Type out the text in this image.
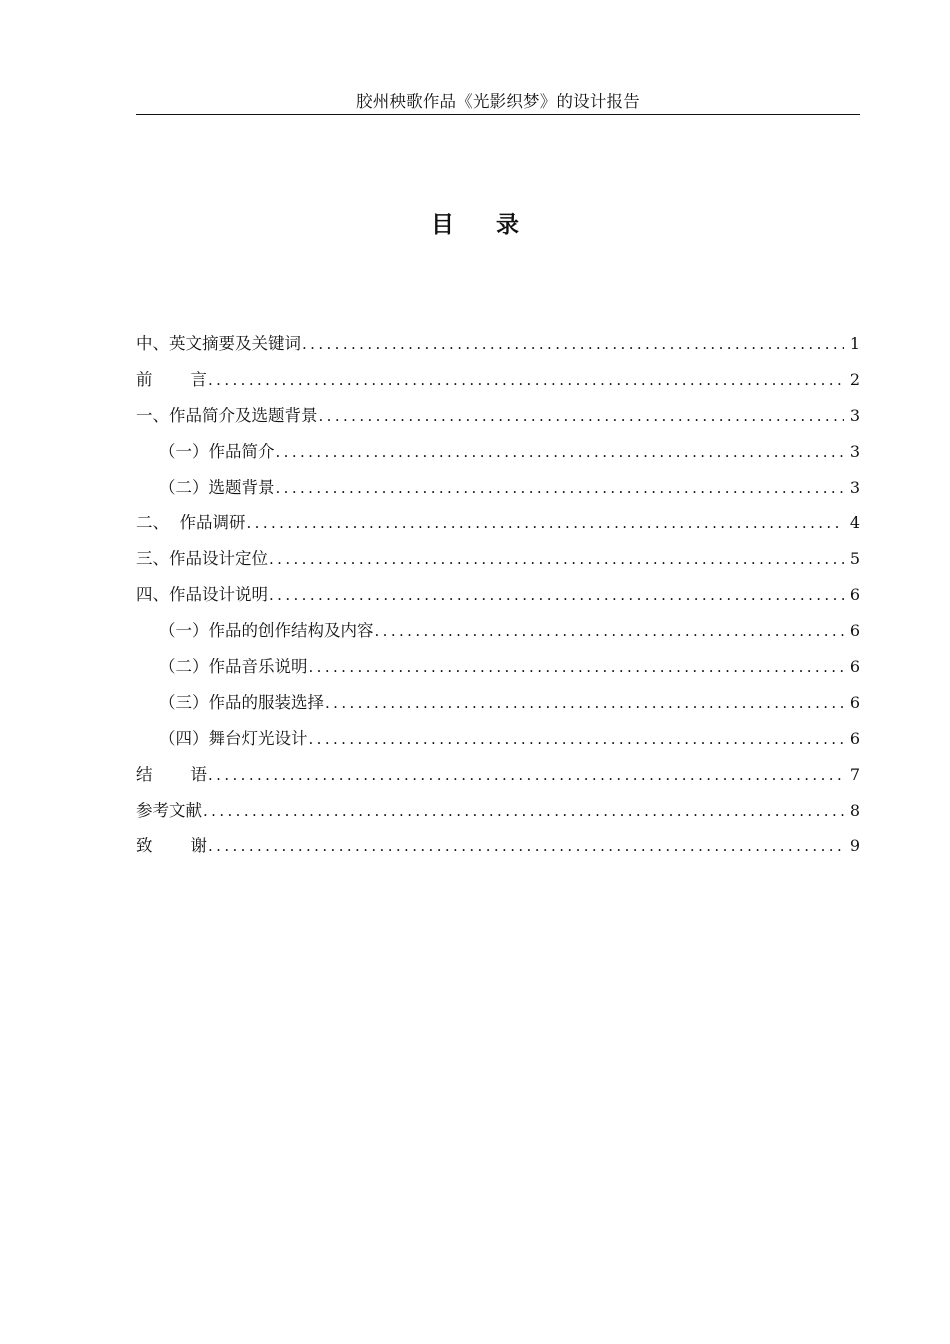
胶州秧歌作品《光影织梦》的设计报告
目 录
中、英文摘要及关键词 .....	1
前 言 .....	2
一、作品简介及选题背景 .....	3
（一）作品简介 .....	3
（二）选题背景 .....	3
二、  作品调研 .....	4
三、作品设计定位 .....	5
四、作品设计说明 .....	6
（一）作品的创作结构及内容 .....	6
（二）作品音乐说明 .....	6
（三）作品的服装选择 .....	6
（四）舞台灯光设计 .....	6
结 语 .....	7
参考文献 .....	8
致 谢 .....	9
